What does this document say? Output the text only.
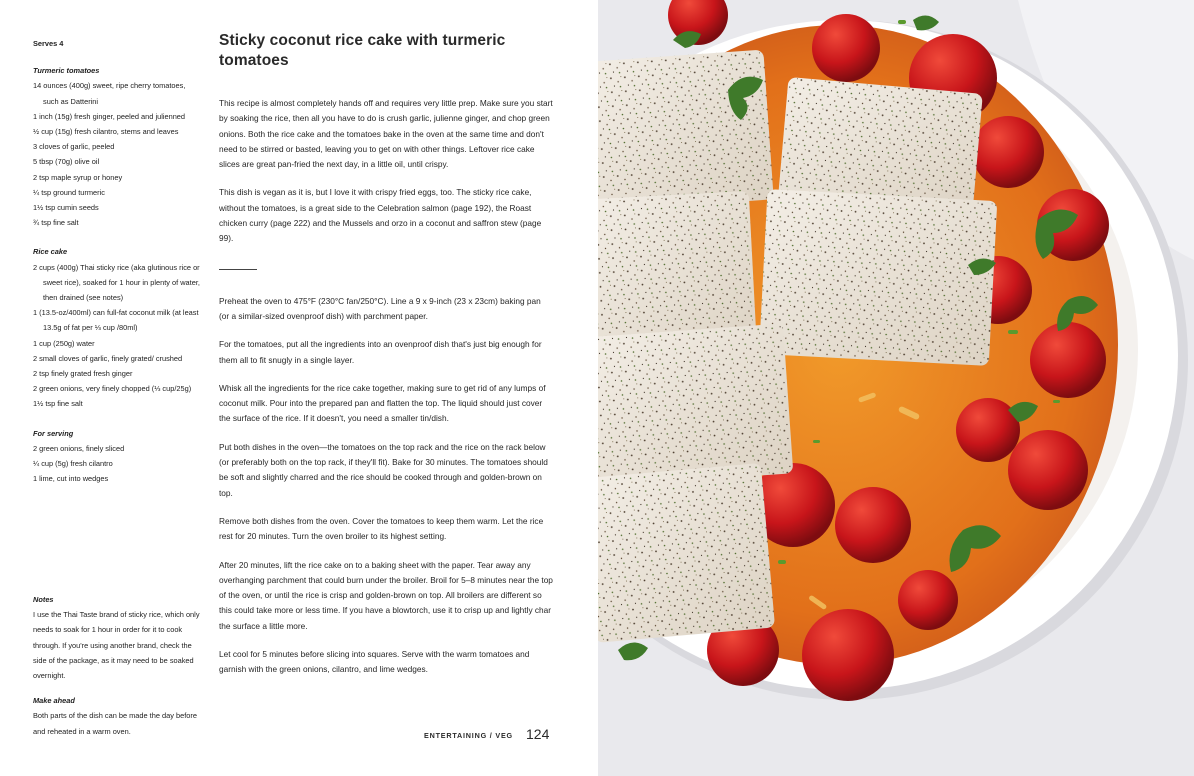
Serves 4
Turmeric tomatoes
14 ounces (400g) sweet, ripe cherry tomatoes, such as Datterini
1 inch (15g) fresh ginger, peeled and julienned
½ cup (15g) fresh cilantro, stems and leaves
3 cloves of garlic, peeled
5 tbsp (70g) olive oil
2 tsp maple syrup or honey
¼ tsp ground turmeric
1½ tsp cumin seeds
¾ tsp fine salt
Rice cake
2 cups (400g) Thai sticky rice (aka glutinous rice or sweet rice), soaked for 1 hour in plenty of water, then drained (see notes)
1 (13.5-oz/400ml) can full-fat coconut milk (at least 13.5g of fat per ⅓ cup /80ml)
1 cup (250g) water
2 small cloves of garlic, finely grated/ crushed
2 tsp finely grated fresh ginger
2 green onions, very finely chopped (⅓ cup/25g)
1½ tsp fine salt
For serving
2 green onions, finely sliced
¼ cup (5g) fresh cilantro
1 lime, cut into wedges
Notes

I use the Thai Taste brand of sticky rice, which only needs to soak for 1 hour in order for it to cook through. If you're using another brand, check the side of the package, as it may need to be soaked overnight.

Make ahead

Both parts of the dish can be made the day before and reheated in a warm oven.

Sticky coconut rice cake with turmeric tomatoes

This recipe is almost completely hands off and requires very little prep. Make sure you start by soaking the rice, then all you have to do is crush garlic, julienne ginger, and chop green onions. Both the rice cake and the tomatoes bake in the oven at the same time and don't need to be stirred or basted, leaving you to get on with other things. Leftover rice cake slices are great pan-fried the next day, in a little oil, until crispy.

This dish is vegan as it is, but I love it with crispy fried eggs, too. The sticky rice cake, without the tomatoes, is a great side to the Celebration salmon (page 192), the Roast chicken curry (page 222) and the Mussels and orzo in a coconut and saffron stew (page 99).

Preheat the oven to 475°F (230°C fan/250°C). Line a 9 x 9-inch (23 x 23cm) baking pan (or a similar-sized ovenproof dish) with parchment paper.

For the tomatoes, put all the ingredients into an ovenproof dish that's just big enough for them all to fit snugly in a single layer.

Whisk all the ingredients for the rice cake together, making sure to get rid of any lumps of coconut milk. Pour into the prepared pan and flatten the top. The liquid should just cover the surface of the rice. If it doesn't, you need a smaller tin/dish.

Put both dishes in the oven—the tomatoes on the top rack and the rice on the rack below (or preferably both on the top rack, if they'll fit). Bake for 30 minutes. The tomatoes should be soft and slightly charred and the rice should be cooked through and golden-brown on top.

Remove both dishes from the oven. Cover the tomatoes to keep them warm. Let the rice rest for 20 minutes. Turn the oven broiler to its highest setting.

After 20 minutes, lift the rice cake on to a baking sheet with the paper. Tear away any overhanging parchment that could burn under the broiler. Broil for 5–8 minutes near the top of the oven, or until the rice is crisp and golden-brown on top. All broilers are different so this could take more or less time. If you have a blowtorch, use it to crisp up and lightly char the surface a little more.

Let cool for 5 minutes before slicing into squares. Serve with the warm tomatoes and garnish with the green onions, cilantro, and lime wedges.

ENTERTAINING / VEG 124
